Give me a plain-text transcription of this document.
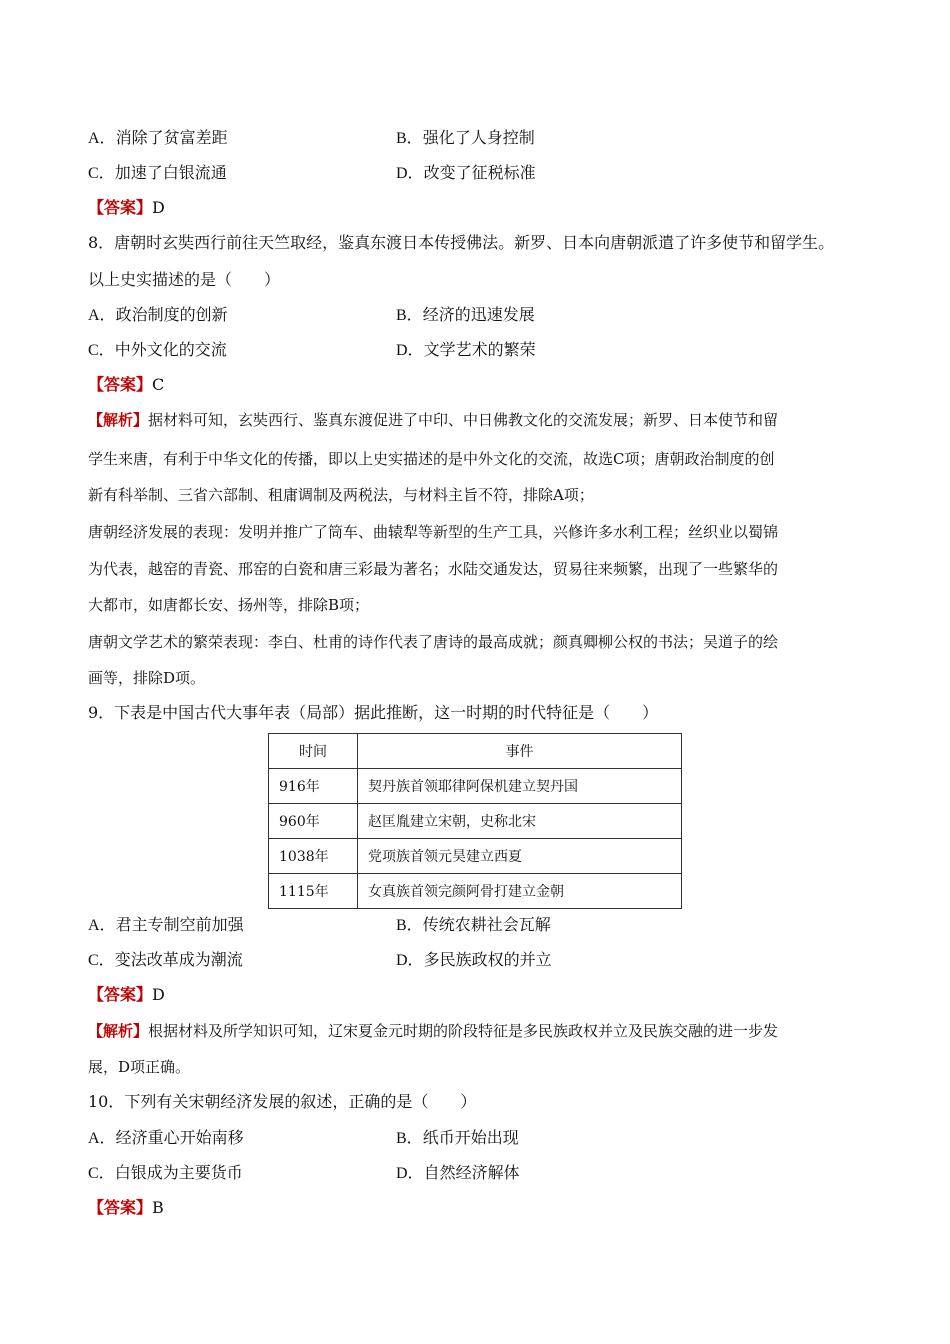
A．消除了贫富差距	B．强化了人身控制
C．加速了白银流通	D．改变了征税标准
【答案】D
8．唐朝时玄奘西行前往天竺取经，鉴真东渡日本传授佛法。新罗、日本向唐朝派遣了许多使节和留学生。
以上史实描述的是（　　）
A．政治制度的创新	B．经济的迅速发展
C．中外文化的交流	D．文学艺术的繁荣
【答案】C
【解析】据材料可知，玄奘西行、鉴真东渡促进了中印、中日佛教文化的交流发展；新罗、日本使节和留
学生来唐，有利于中华文化的传播，即以上史实描述的是中外文化的交流，故选C项；唐朝政治制度的创
新有科举制、三省六部制、租庸调制及两税法，与材料主旨不符，排除A项；
唐朝经济发展的表现：发明并推广了筒车、曲辕犁等新型的生产工具，兴修许多水利工程；丝织业以蜀锦
为代表，越窑的青瓷、邢窑的白瓷和唐三彩最为著名；水陆交通发达，贸易往来频繁，出现了一些繁华的
大都市，如唐都长安、扬州等，排除B项；
唐朝文学艺术的繁荣表现：李白、杜甫的诗作代表了唐诗的最高成就；颜真卿柳公权的书法；吴道子的绘
画等，排除D项。
9．下表是中国古代大事年表（局部）据此推断，这一时期的时代特征是（　　）
时间	事件
916年	契丹族首领耶律阿保机建立契丹国
960年	赵匡胤建立宋朝，史称北宋
1038年	党项族首领元昊建立西夏
1115年	女真族首领完颜阿骨打建立金朝
A．君主专制空前加强	B．传统农耕社会瓦解
C．变法改革成为潮流	D．多民族政权的并立
【答案】D
【解析】根据材料及所学知识可知，辽宋夏金元时期的阶段特征是多民族政权并立及民族交融的进一步发
展，D项正确。
10．下列有关宋朝经济发展的叙述，正确的是（　　）
A．经济重心开始南移	B．纸币开始出现
C．白银成为主要货币	D．自然经济解体
【答案】B
